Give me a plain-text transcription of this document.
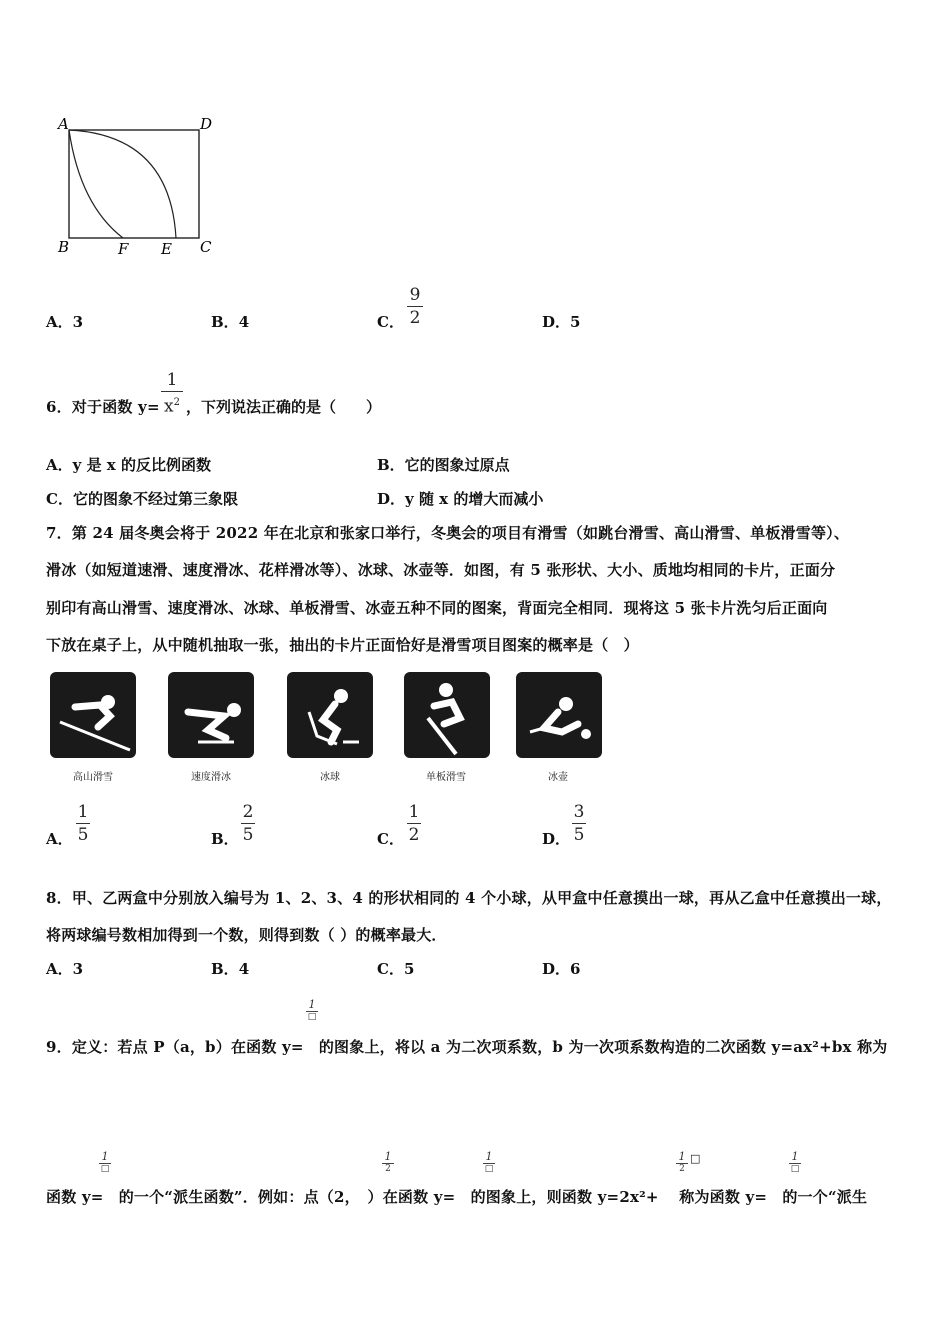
A	D
B	F E C
A．3	B．4	C．
9
2	D．5
6．对于函数 y=
1
$x^2$ ，下列说法正确的是（　　）
A．y 是 x 的反比例函数	B．它的图象过原点
C．它的图象不经过第三象限	D．y 随 x 的增大而减小
7．第 24 届冬奥会将于 2022 年在北京和张家口举行，冬奥会的项目有滑雪（如跳台滑雪、高山滑雪、单板滑雪等）、
滑冰（如短道速滑、速度滑冰、花样滑冰等）、冰球、冰壶等．如图，有 5 张形状、大小、质地均相同的卡片，正面分
别印有高山滑雪、速度滑冰、冰球、单板滑雪、冰壶五种不同的图案，背面完全相同．现将这 5 张卡片洗匀后正面向
下放在桌子上，从中随机抽取一张，抽出的卡片正面恰好是滑雪项目图案的概率是（　）
高山滑雪	速度滑冰	冰球	单板滑雪	冰壶
A．
1
5	B．
2
5	C．
1
2	D．
3
5
8．甲、乙两盒中分别放入编号为 1、2、3、4 的形状相同的 4 个小球，从甲盒中任意摸出一球，再从乙盒中任意摸出一球，
将两球编号数相加得到一个数，则得到数（ ）的概率最大．
A．3	B．4	C．5	D．6
1
□
9．定义：若点 P（a，b）在函数 y=　的图象上，将以 a 为二次项系数，b 为一次项系数构造的二次函数 y=ax²+bx 称为
1
□
1
2
1
□
1
2
□	1
□
函数 y=　的一个“派生函数”．例如：点（2，　）在函数 y=　的图象上，则函数 y=2x²+　 称为函数 y=　的一个“派生
